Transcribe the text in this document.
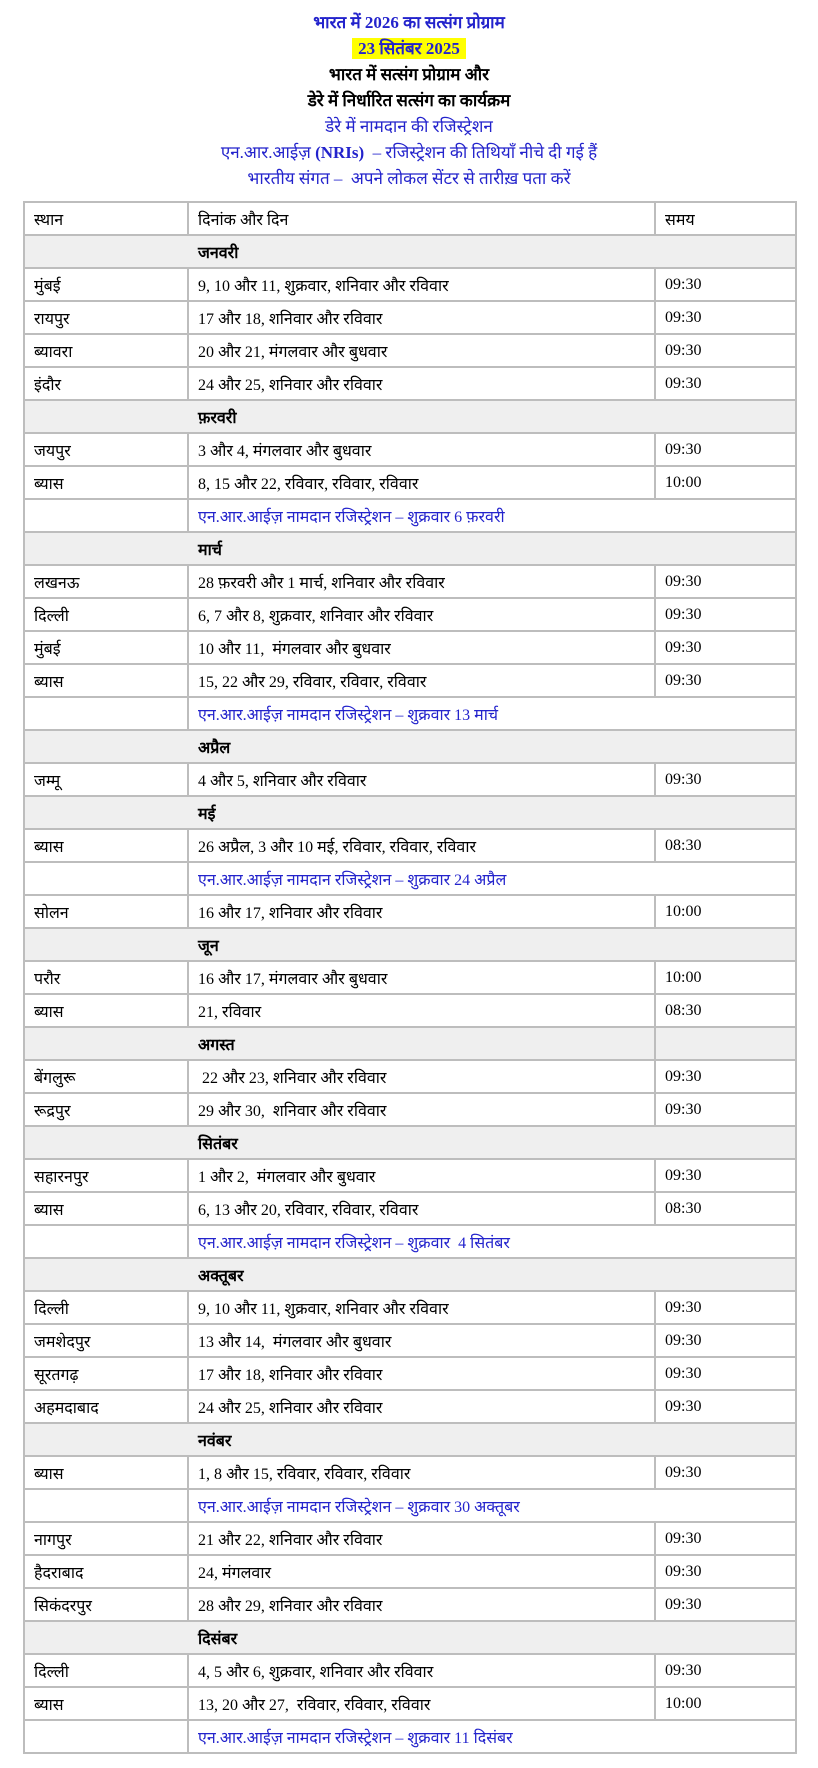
भारत में 2026 का सत्संग प्रोग्राम
23 सितंबर 2025
भारत में सत्संग प्रोग्राम और
डेरे में निर्धारित सत्संग का कार्यक्रम
डेरे में नामदान की रजिस्ट्रेशन
एन.आर.आईज़ (NRIs)  – रजिस्ट्रेशन की तिथियाँ नीचे दी गई हैं
भारतीय संगत –  अपने लोकल सेंटर से तारीख़ पता करें
स्थान	दिनांक और दिन	समय
जनवरी		
मुंबई	9, 10 और 11, शुक्रवार, शनिवार और रविवार	09:30
रायपुर	17 और 18, शनिवार और रविवार	09:30
ब्यावरा	20 और 21, मंगलवार और बुधवार	09:30
इंदौर	24 और 25, शनिवार और रविवार	09:30
फ़रवरी		
जयपुर	3 और 4, मंगलवार और बुधवार	09:30
ब्यास	8, 15 और 22, रविवार, रविवार, रविवार	10:00
	एन.आर.आईज़ नामदान रजिस्ट्रेशन – शुक्रवार 6 फ़रवरी	
मार्च		
लखनऊ	28 फ़रवरी और 1 मार्च, शनिवार और रविवार	09:30
दिल्ली	6, 7 और 8, शुक्रवार, शनिवार और रविवार	09:30
मुंबई	10 और 11,  मंगलवार और बुधवार	09:30
ब्यास	15, 22 और 29, रविवार, रविवार, रविवार	09:30
	एन.आर.आईज़ नामदान रजिस्ट्रेशन – शुक्रवार 13 मार्च	
अप्रैल		
जम्मू	4 और 5, शनिवार और रविवार	09:30
मई		
ब्यास	26 अप्रैल, 3 और 10 मई, रविवार, रविवार, रविवार	08:30
	एन.आर.आईज़ नामदान रजिस्ट्रेशन – शुक्रवार 24 अप्रैल	
सोलन	16 और 17, शनिवार और रविवार	10:00
जून		
परौर	16 और 17, मंगलवार और बुधवार	10:00
ब्यास	21, रविवार	08:30
अगस्त		
बेंगलुरू	22 और 23, शनिवार और रविवार	09:30
रूद्रपुर	29 और 30,  शनिवार और रविवार	09:30
सितंबर		
सहारनपुर	1 और 2,  मंगलवार और बुधवार	09:30
ब्यास	6, 13 और 20, रविवार, रविवार, रविवार	08:30
	एन.आर.आईज़ नामदान रजिस्ट्रेशन – शुक्रवार  4 सितंबर	
अक्तूबर		
दिल्ली	9, 10 और 11, शुक्रवार, शनिवार और रविवार	09:30
जमशेदपुर	13 और 14,  मंगलवार और बुधवार	09:30
सूरतगढ़	17 और 18, शनिवार और रविवार	09:30
अहमदाबाद	24 और 25, शनिवार और रविवार	09:30
नवंबर		
ब्यास	1, 8 और 15, रविवार, रविवार, रविवार	09:30
	एन.आर.आईज़ नामदान रजिस्ट्रेशन – शुक्रवार 30 अक्तूबर	
नागपुर	21 और 22, शनिवार और रविवार	09:30
हैदराबाद	24, मंगलवार	09:30
सिकंदरपुर	28 और 29, शनिवार और रविवार	09:30
दिसंबर		
दिल्ली	4, 5 और 6, शुक्रवार, शनिवार और रविवार	09:30
ब्यास	13, 20 और 27,  रविवार, रविवार, रविवार	10:00
	एन.आर.आईज़ नामदान रजिस्ट्रेशन – शुक्रवार 11 दिसंबर	
